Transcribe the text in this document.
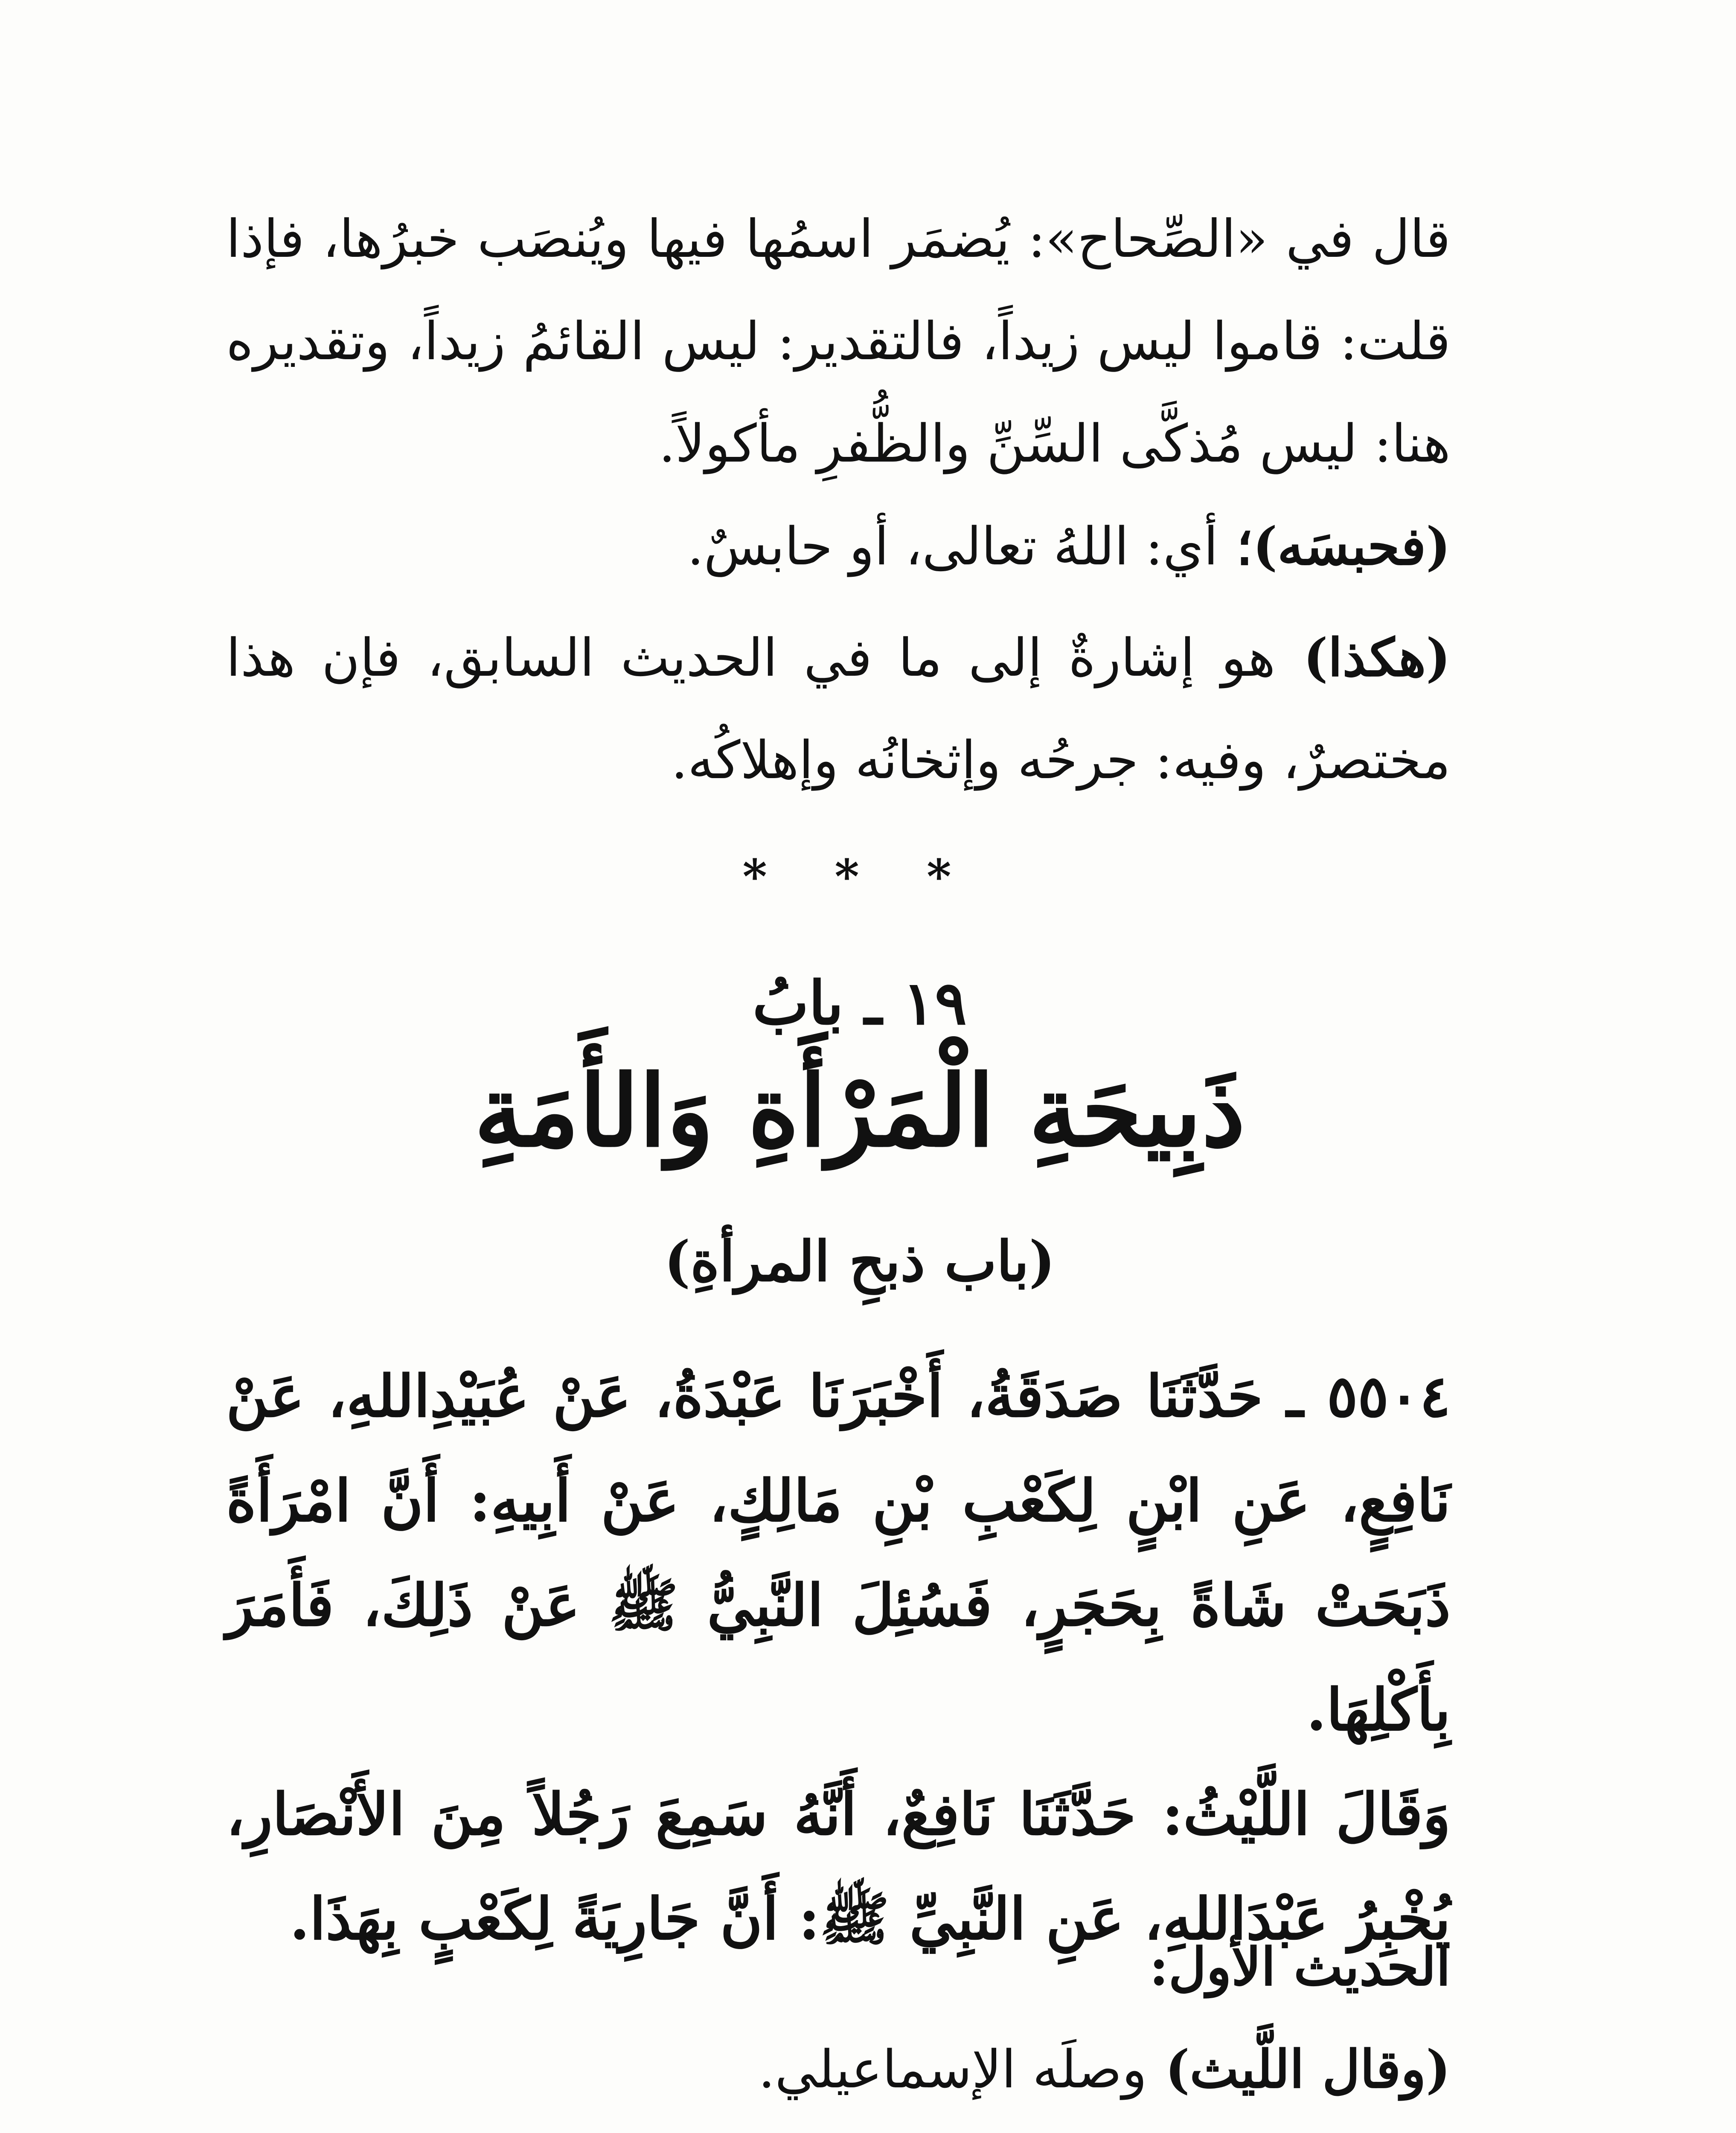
قال في «الصِّحاح»: يُضمَر اسمُها فيها ويُنصَب خبرُها، فإذا قلت: قاموا ليس زيداً، فالتقدير: ليس القائمُ زيداً، وتقديره هنا: ليس مُذكَّى السِّنِّ والظُّفرِ مأكولاً.

(فحبسَه)؛ أي: اللهُ تعالى، أو حابسٌ.

(هكذا) هو إشارةٌ إلى ما في الحديث السابق، فإن هذا مختصرٌ، وفيه: جرحُه وإثخانُه وإهلاكُه.

* * *
١٩ ـ بابُ
ذَبِيحَةِ الْمَرْأَةِ وَالأَمَةِ
(باب ذبحِ المرأةِ)

٥٥٠٤ ـ حَدَّثَنَا صَدَقَةُ، أَخْبَرَنَا عَبْدَةُ، عَنْ عُبَيْدِاللهِ، عَنْ نَافِعٍ، عَنِ ابْنٍ لِكَعْبِ بْنِ مَالِكٍ، عَنْ أَبِيهِ: أَنَّ امْرَأَةً ذَبَحَتْ شَاةً بِحَجَرٍ، فَسُئِلَ النَّبِيُّ ﷺ عَنْ ذَلِكَ، فَأَمَرَ بِأَكْلِهَا.

وَقَالَ اللَّيْثُ: حَدَّثَنَا نَافِعٌ، أَنَّهُ سَمِعَ رَجُلاً مِنَ الأَنْصَارِ، يُخْبِرُ عَبْدَاللهِ، عَنِ النَّبِيِّ ﷺ: أَنَّ جَارِيَةً لِكَعْبٍ بِهَذَا.

الحديث الأول:

(وقال اللَّيث) وصلَه الإسماعيلي.
